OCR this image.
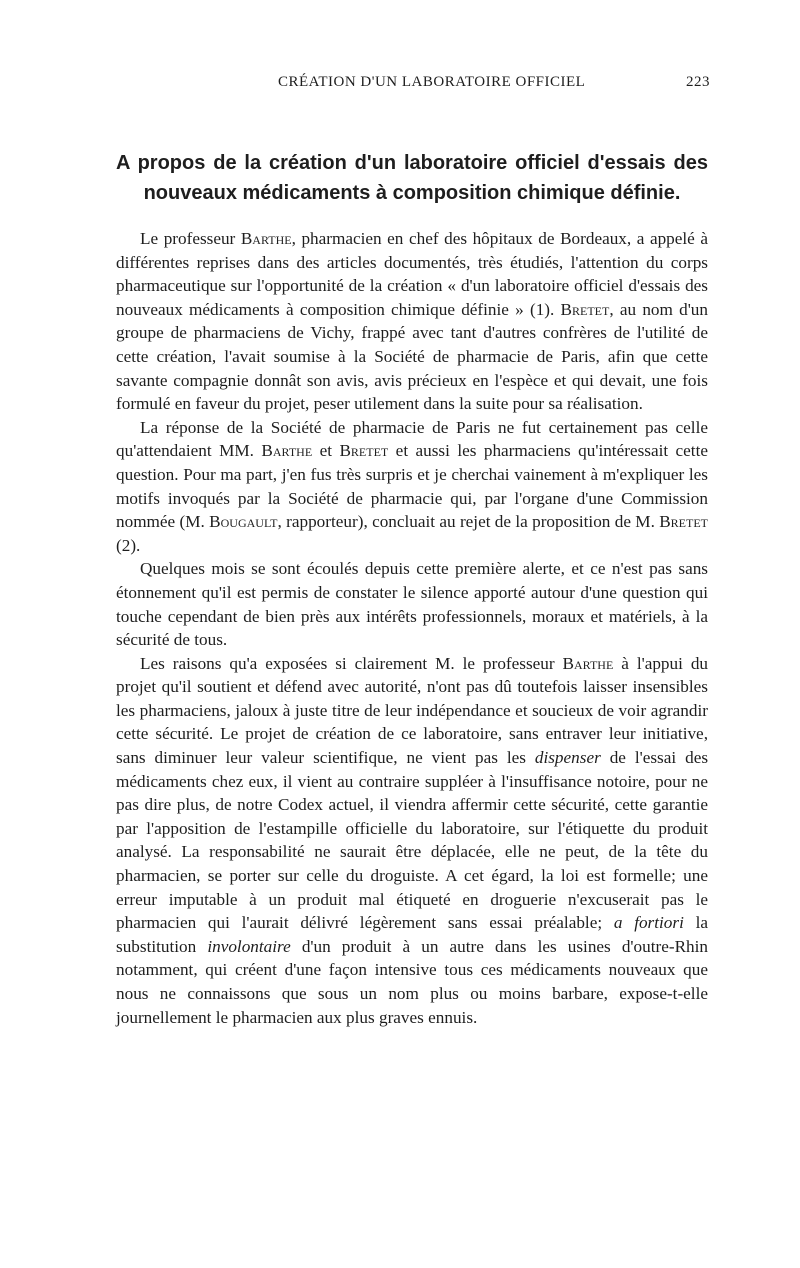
CRÉATION D'UN LABORATOIRE OFFICIEL	223
A propos de la création d'un laboratoire officiel d'essais des
nouveaux médicaments à composition chimique définie.

Le professeur Barthe, pharmacien en chef des hôpitaux de Bordeaux, a appelé à différentes reprises dans des articles documentés, très étudiés, l'attention du corps pharmaceutique sur l'opportunité de la création « d'un laboratoire officiel d'essais des nouveaux médicaments à composition chimique définie » (1). Bretet, au nom d'un groupe de pharmaciens de Vichy, frappé avec tant d'autres confrères de l'utilité de cette création, l'avait soumise à la Société de pharmacie de Paris, afin que cette savante compagnie donnât son avis, avis précieux en l'espèce et qui devait, une fois formulé en faveur du projet, peser utilement dans la suite pour sa réalisation.

La réponse de la Société de pharmacie de Paris ne fut certainement pas celle qu'attendaient MM. Barthe et Bretet et aussi les pharmaciens qu'intéressait cette question. Pour ma part, j'en fus très surpris et je cherchai vainement à m'expliquer les motifs invoqués par la Société de pharmacie qui, par l'organe d'une Commission nommée (M. Bougault, rapporteur), concluait au rejet de la proposition de M. Bretet (2).

Quelques mois se sont écoulés depuis cette première alerte, et ce n'est pas sans étonnement qu'il est permis de constater le silence apporté autour d'une question qui touche cependant de bien près aux intérêts professionnels, moraux et matériels, à la sécurité de tous.

Les raisons qu'a exposées si clairement M. le professeur Barthe à l'appui du projet qu'il soutient et défend avec autorité, n'ont pas dû toutefois laisser insensibles les pharmaciens, jaloux à juste titre de leur indépendance et soucieux de voir agrandir cette sécurité. Le projet de création de ce laboratoire, sans entraver leur initiative, sans diminuer leur valeur scientifique, ne vient pas les dispenser de l'essai des médicaments chez eux, il vient au contraire suppléer à l'insuffisance notoire, pour ne pas dire plus, de notre Codex actuel, il viendra affermir cette sécurité, cette garantie par l'apposition de l'estampille officielle du laboratoire, sur l'étiquette du produit analysé. La responsabilité ne saurait être déplacée, elle ne peut, de la tête du pharmacien, se porter sur celle du droguiste. A cet égard, la loi est formelle; une erreur imputable à un produit mal étiqueté en droguerie n'excuserait pas le pharmacien qui l'aurait délivré légèrement sans essai préalable; a fortiori la substitution involontaire d'un produit à un autre dans les usines d'outre-Rhin notamment, qui créent d'une façon intensive tous ces médicaments nouveaux que nous ne connaissons que sous un nom plus ou moins barbare, expose-t-elle journellement le pharmacien aux plus graves ennuis.
